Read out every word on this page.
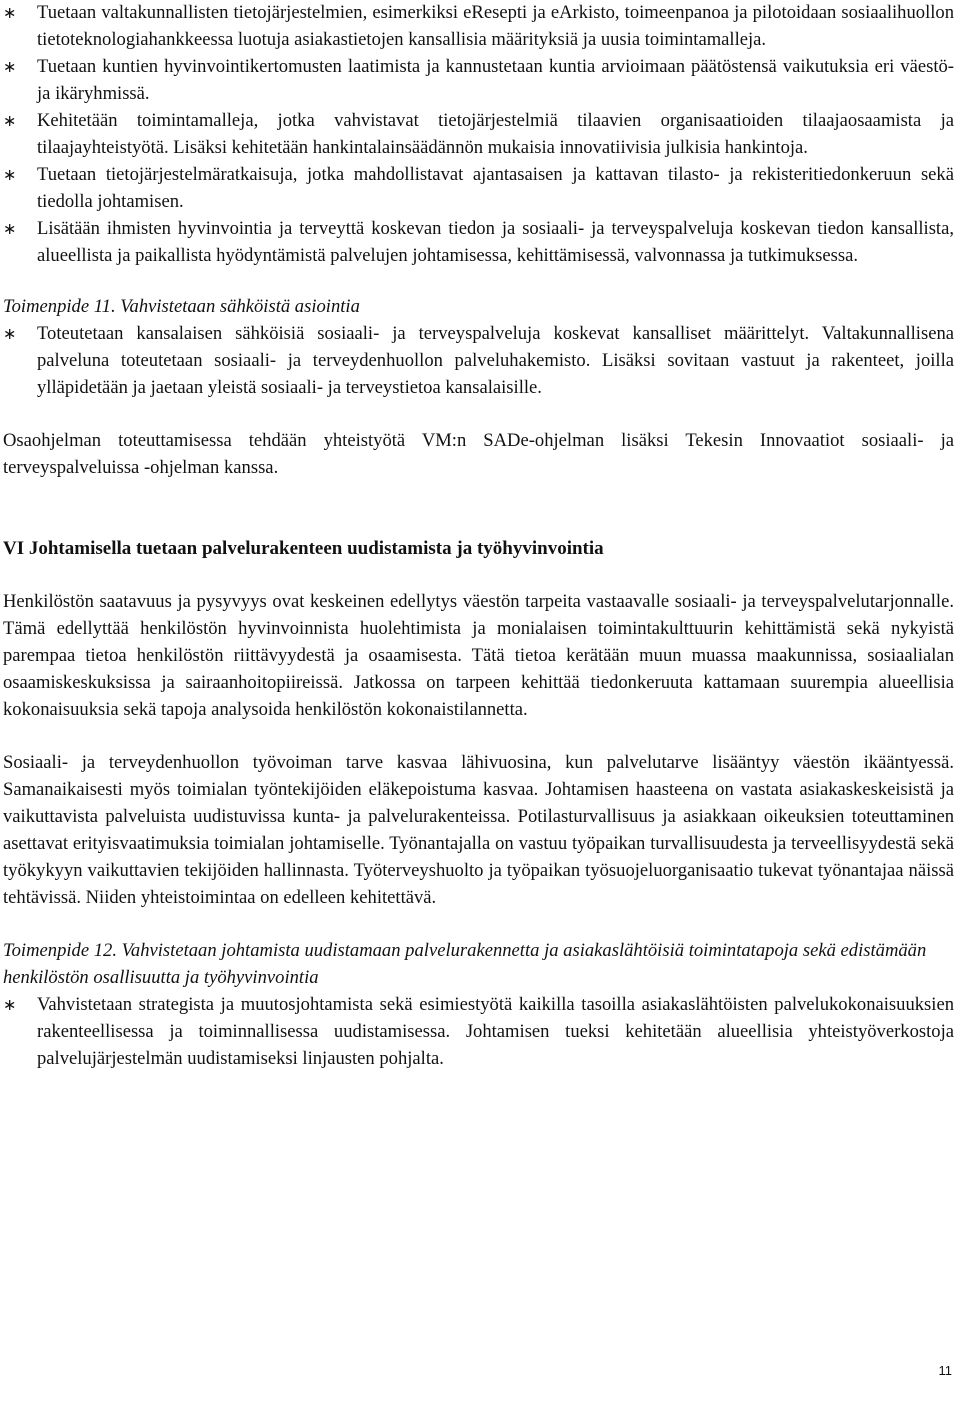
∗	Tuetaan valtakunnallisten tietojärjestelmien, esimerkiksi eResepti ja eArkisto, toimeenpanoa ja pilotoidaan sosiaalihuollon tietoteknologiahankkeessa luotuja asiakastietojen kansallisia määrityksiä ja uusia toimintamalleja.
∗	Tuetaan kuntien hyvinvointikertomusten laatimista ja kannustetaan kuntia arvioimaan päätöstensä vaikutuksia eri väestö- ja ikäryhmissä.
∗	Kehitetään toimintamalleja, jotka vahvistavat tietojärjestelmiä tilaavien organisaatioiden tilaajaosaamista ja tilaajayhteistyötä. Lisäksi kehitetään hankintalainsäädännön mukaisia innovatiivisia julkisia hankintoja.
∗	Tuetaan tietojärjestelmäratkaisuja, jotka mahdollistavat ajantasaisen ja kattavan tilasto- ja rekisteritiedonkeruun sekä tiedolla johtamisen.
∗	Lisätään ihmisten hyvinvointia ja terveyttä koskevan tiedon ja sosiaali- ja terveyspalveluja koskevan tiedon kansallista, alueellista ja paikallista hyödyntämistä palvelujen johtamisessa, kehittämisessä, valvonnassa ja tutkimuksessa.

Toimenpide 11. Vahvistetaan sähköistä asiointia

∗	Toteutetaan kansalaisen sähköisiä sosiaali- ja terveyspalveluja koskevat kansalliset määrittelyt. Valtakunnallisena palveluna toteutetaan sosiaali- ja terveydenhuollon palveluhakemisto. Lisäksi sovitaan vastuut ja rakenteet, joilla ylläpidetään ja jaetaan yleistä sosiaali- ja terveystietoa kansalaisille.

Osaohjelman toteuttamisessa tehdään yhteistyötä VM:n SADe-ohjelman lisäksi Tekesin Innovaatiot sosiaali- ja terveyspalveluissa -ohjelman kanssa.

VI Johtamisella tuetaan palvelurakenteen uudistamista ja työhyvinvointia

Henkilöstön saatavuus ja pysyvyys ovat keskeinen edellytys väestön tarpeita vastaavalle sosiaali- ja terveyspalvelutarjonnalle. Tämä edellyttää henkilöstön hyvinvoinnista huolehtimista ja monialaisen toimintakulttuurin kehittämistä sekä nykyistä parempaa tietoa henkilöstön riittävyydestä ja osaamisesta. Tätä tietoa kerätään muun muassa maakunnissa, sosiaalialan osaamiskeskuksissa ja sairaanhoitopiireissä. Jatkossa on tarpeen kehittää tiedonkeruuta kattamaan suurempia alueellisia kokonaisuuksia sekä tapoja analysoida henkilöstön kokonaistilannetta.

Sosiaali- ja terveydenhuollon työvoiman tarve kasvaa lähivuosina, kun palvelutarve lisääntyy väestön ikääntyessä. Samanaikaisesti myös toimialan työntekijöiden eläkepoistuma kasvaa. Johtamisen haasteena on vastata asiakaskeskeisistä ja vaikuttavista palveluista uudistuvissa kunta- ja palvelurakenteissa. Potilasturvallisuus ja asiakkaan oikeuksien toteuttaminen asettavat erityisvaatimuksia toimialan johtamiselle. Työnantajalla on vastuu työpaikan turvallisuudesta ja terveellisyydestä sekä työkykyyn vaikuttavien tekijöiden hallinnasta. Työterveyshuolto ja työpaikan työsuojeluorganisaatio tukevat työnantajaa näissä tehtävissä. Niiden yhteistoimintaa on edelleen kehitettävä.

Toimenpide 12. Vahvistetaan johtamista uudistamaan palvelurakennetta ja asiakaslähtöisiä toimintatapoja sekä edistämään henkilöstön osallisuutta ja työhyvinvointia

∗	Vahvistetaan strategista ja muutosjohtamista sekä esimiestyötä kaikilla tasoilla asiakaslähtöisten palvelukokonaisuuksien rakenteellisessa ja toiminnallisessa uudistamisessa. Johtamisen tueksi kehitetään alueellisia yhteistyöverkostoja palvelujärjestelmän uudistamiseksi linjausten pohjalta.
11
